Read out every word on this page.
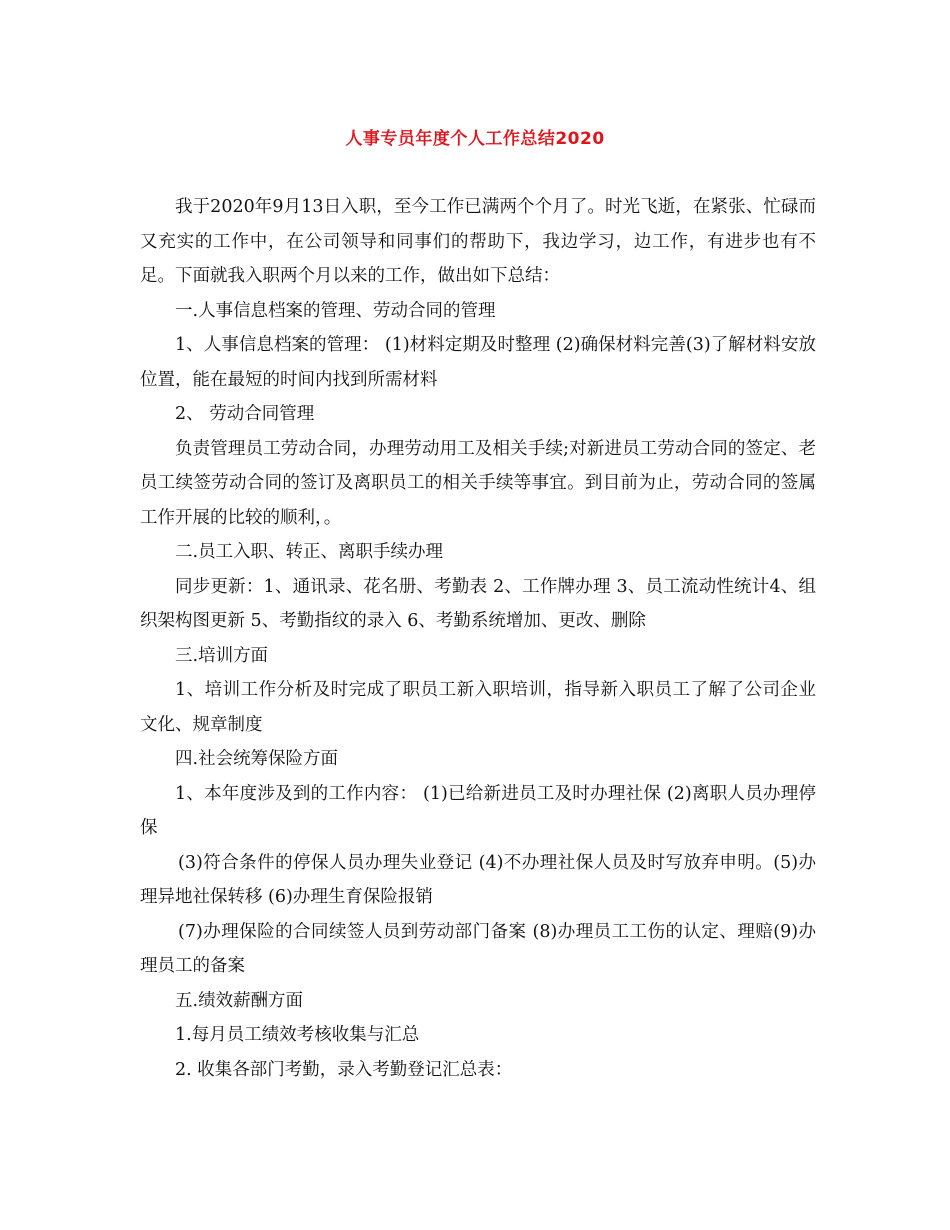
人事专员年度个人工作总结2020

我于2020年9月13日入职，至今工作已满两个个月了。时光飞逝，在紧张、忙碌而又充实的工作中，在公司领导和同事们的帮助下，我边学习，边工作，有进步也有不足。下面就我入职两个月以来的工作，做出如下总结：

一.人事信息档案的管理、劳动合同的管理

1、人事信息档案的管理： (1)材料定期及时整理 (2)确保材料完善(3)了解材料安放位置，能在最短的时间内找到所需材料

2、 劳动合同管理

负责管理员工劳动合同，办理劳动用工及相关手续;对新进员工劳动合同的签定、老员工续签劳动合同的签订及离职员工的相关手续等事宜。到目前为止，劳动合同的签属工作开展的比较的顺利，。

二.员工入职、转正、离职手续办理

同步更新：1、通讯录、花名册、考勤表 2、工作牌办理 3、员工流动性统计4、组织架构图更新 5、考勤指纹的录入 6、考勤系统增加、更改、删除

三.培训方面

1、培训工作分析及时完成了职员工新入职培训，指导新入职员工了解了公司企业文化、规章制度

四.社会统筹保险方面

1、本年度涉及到的工作内容： (1)已给新进员工及时办理社保 (2)离职人员办理停保

(3)符合条件的停保人员办理失业登记 (4)不办理社保人员及时写放弃申明。(5)办理异地社保转移 (6)办理生育保险报销

(7)办理保险的合同续签人员到劳动部门备案 (8)办理员工工伤的认定、理赔(9)办理员工的备案

五.绩效薪酬方面

1.每月员工绩效考核收集与汇总

2. 收集各部门考勤，录入考勤登记汇总表：
